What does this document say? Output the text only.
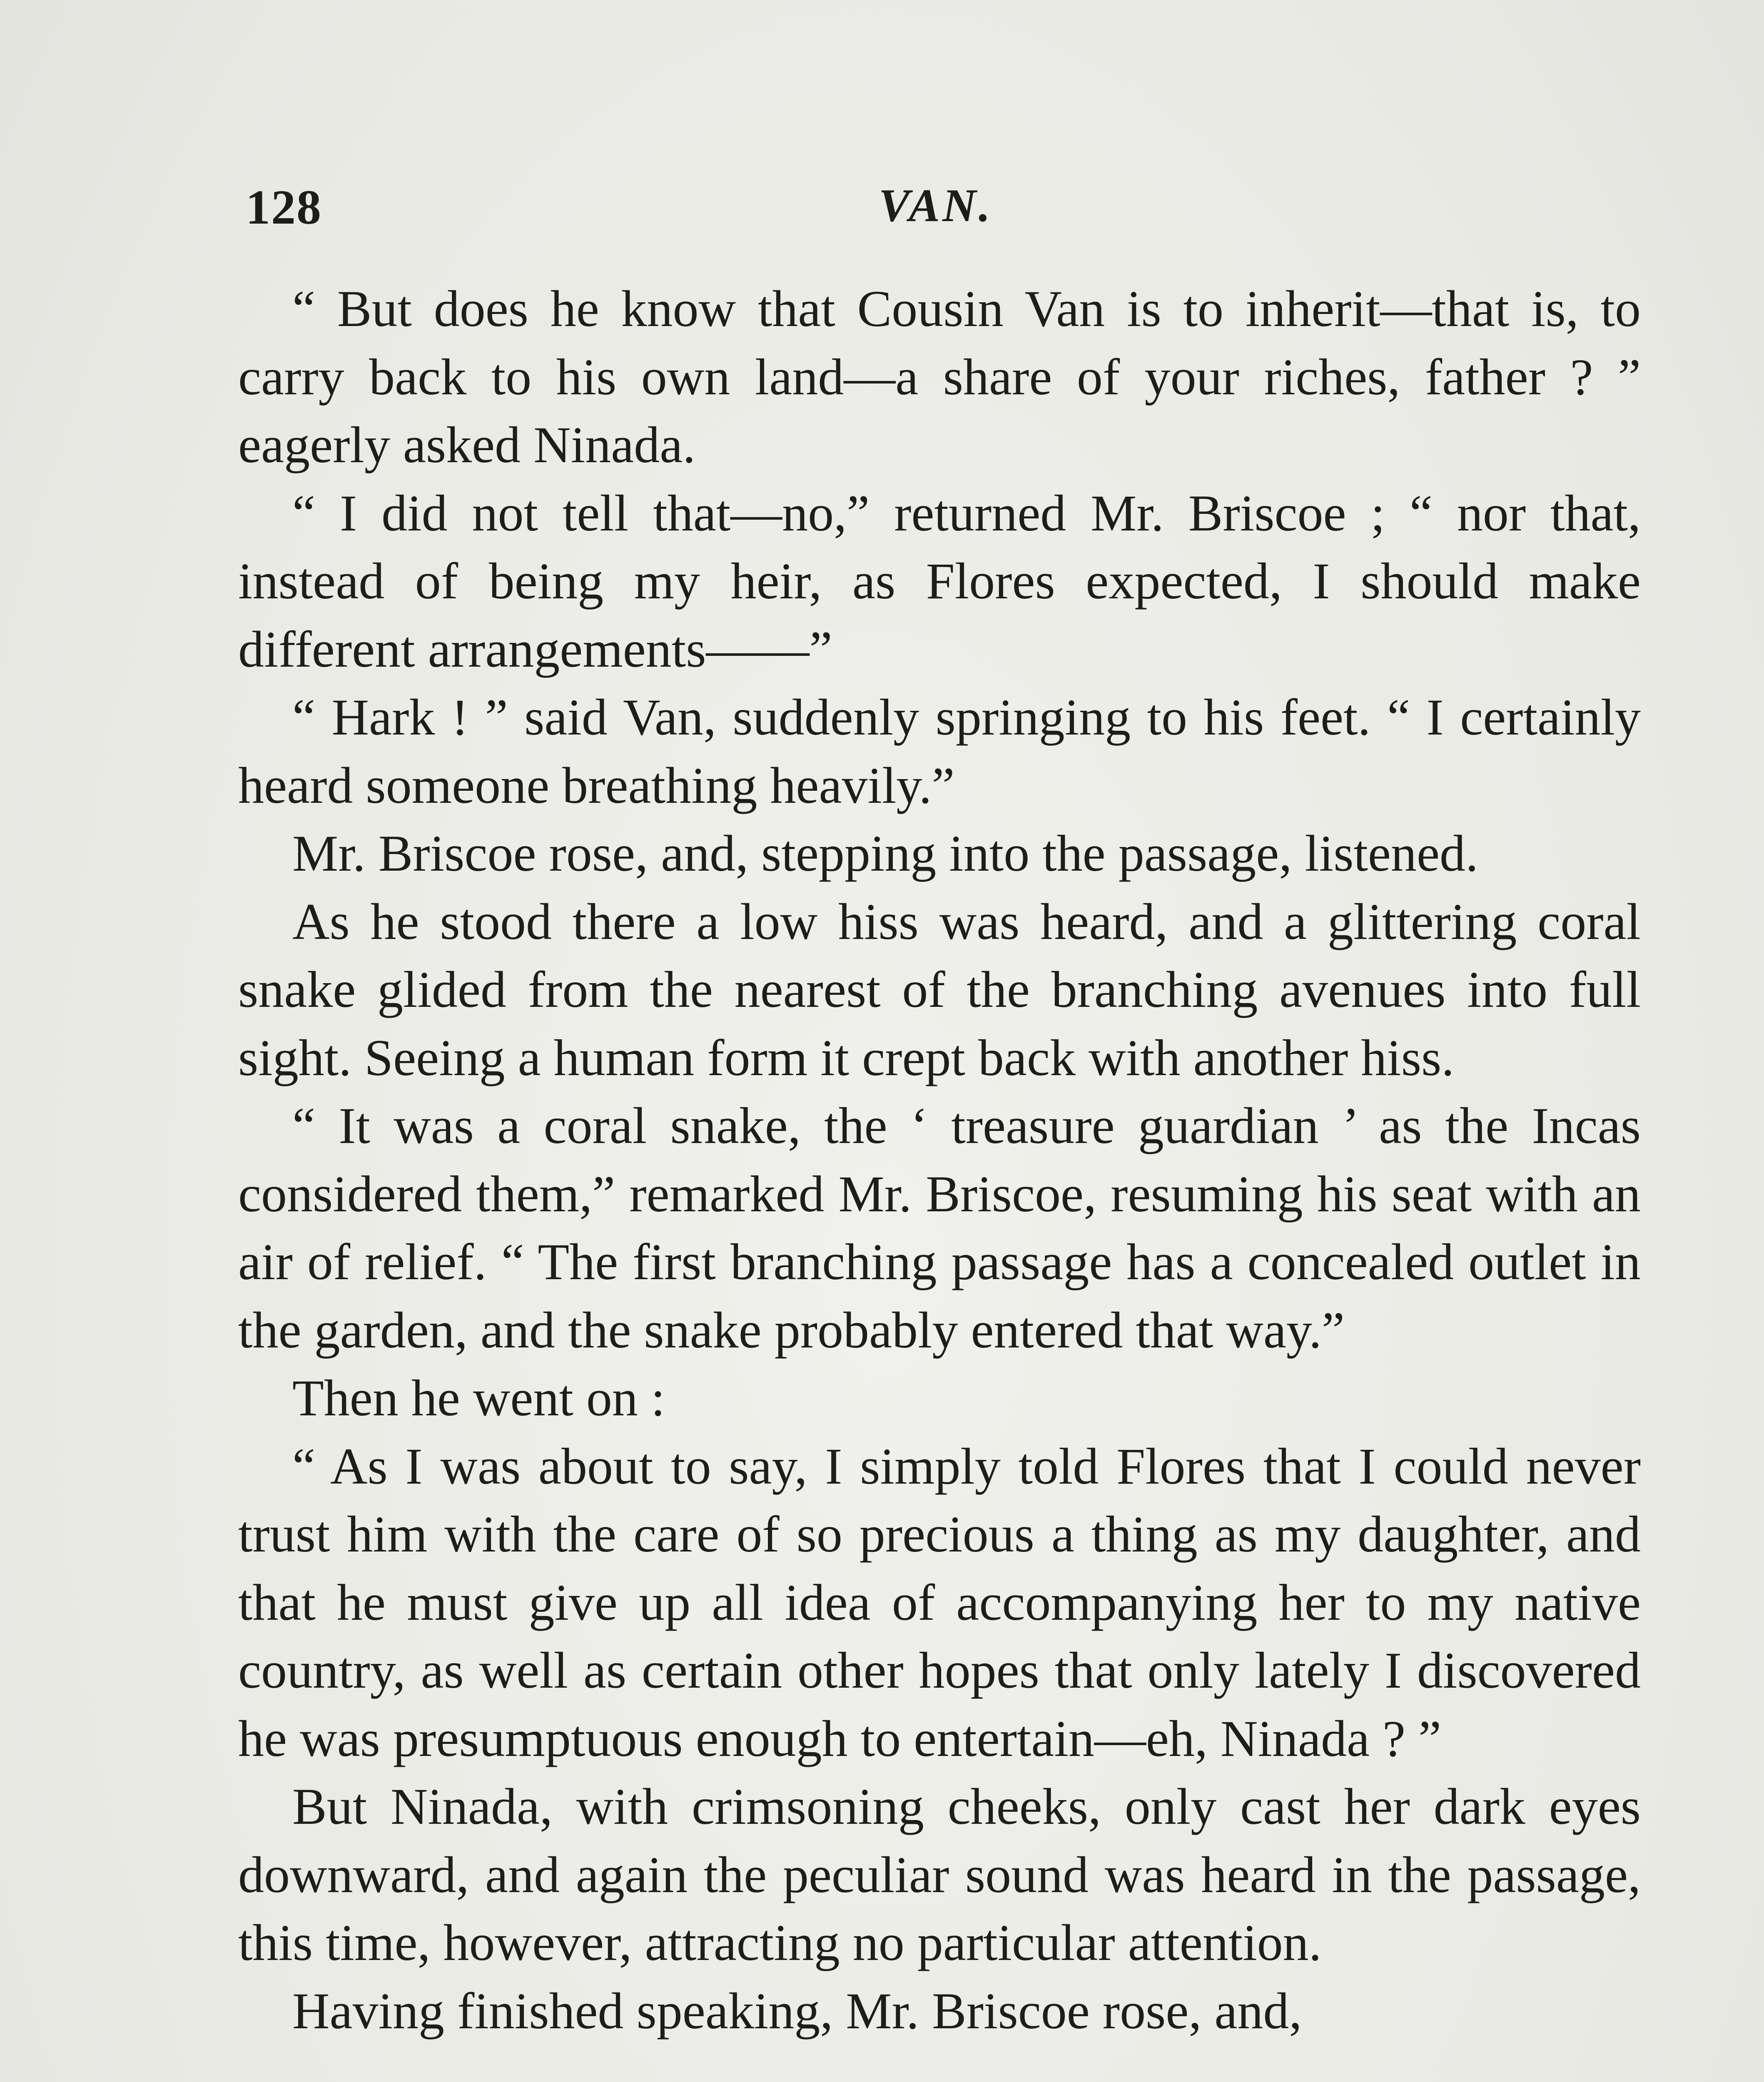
128	VAN.

“ But does he know that Cousin Van is to inherit—that is, to carry back to his own land—a share of your riches, father ? ” eagerly asked Ninada.

“ I did not tell that—no,” returned Mr. Briscoe ; “ nor that, instead of being my heir, as Flores expected, I should make different arrangements——”

“ Hark ! ” said Van, suddenly springing to his feet. “ I certainly heard someone breathing heavily.”

Mr. Briscoe rose, and, stepping into the passage, listened.

As he stood there a low hiss was heard, and a glittering coral snake glided from the nearest of the branching avenues into full sight. Seeing a human form it crept back with another hiss.

“ It was a coral snake, the ‘ treasure guardian ’ as the Incas considered them,” remarked Mr. Briscoe, resuming his seat with an air of relief. “ The first branching passage has a concealed outlet in the garden, and the snake probably entered that way.”

Then he went on :

“ As I was about to say, I simply told Flores that I could never trust him with the care of so precious a thing as my daughter, and that he must give up all idea of accompanying her to my native country, as well as certain other hopes that only lately I discovered he was presumptuous enough to entertain—eh, Ninada ? ”

But Ninada, with crimsoning cheeks, only cast her dark eyes downward, and again the peculiar sound was heard in the passage, this time, however, attracting no particular attention.

Having finished speaking, Mr. Briscoe rose, and,
